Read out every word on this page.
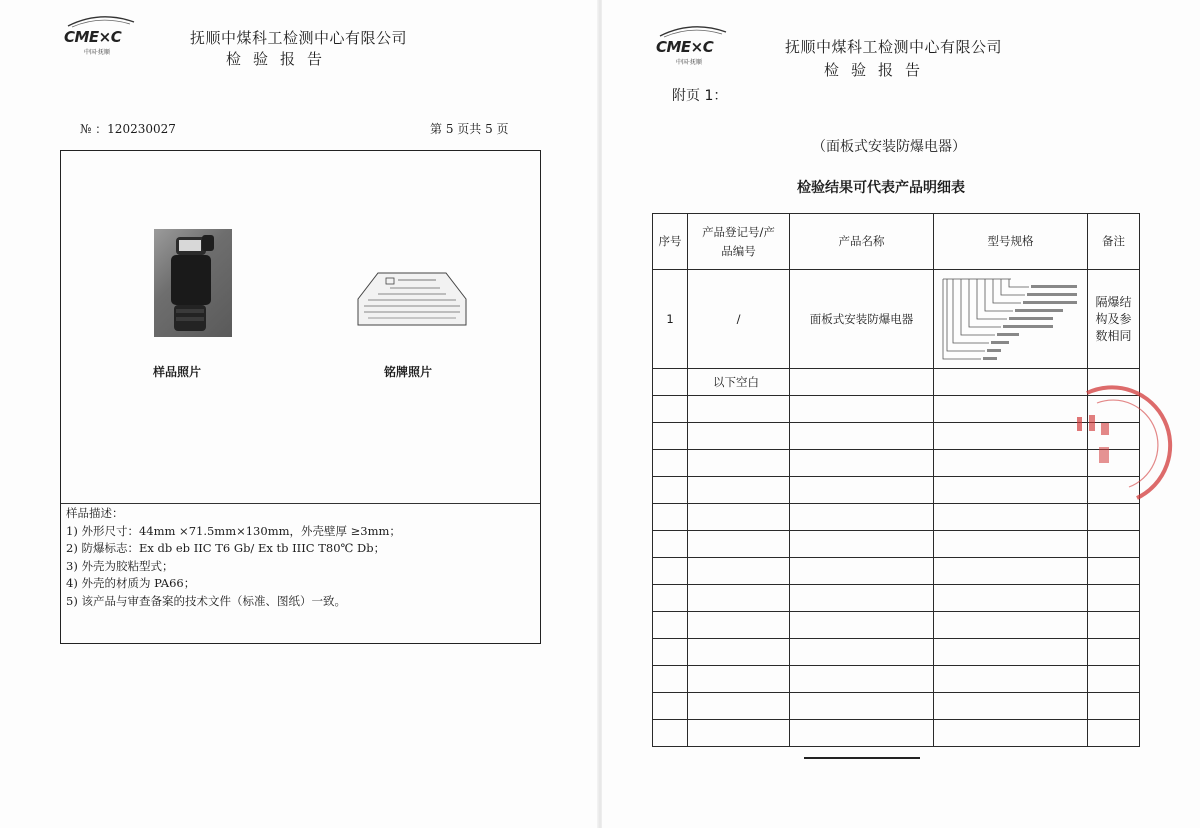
CME×C
中国·抚顺
抚顺中煤科工检测中心有限公司
检验报告
№ ：120230027	第 5 页共 5 页
样品照片	铭牌照片
样品描述：
1) 外形尺寸：44mm ×71.5mm×130mm，外壳壁厚 ≥3mm；
2) 防爆标志：Ex db eb IIC T6 Gb/ Ex tb IIIC T80℃ Db；
3) 外壳为胶粘型式；
4) 外壳的材质为 PA66；
5) 该产品与审查备案的技术文件（标准、图纸）一致。
CME×C
中国·抚顺
抚顺中煤科工检测中心有限公司
检验报告
附页 1：
（面板式安装防爆电器）
检验结果可代表产品明细表
序号	产品登记号/产
品编号	产品名称	型号规格	备注
1	/	面板式安装防爆电器		隔爆结
构及参
数相同

	以下空白			
